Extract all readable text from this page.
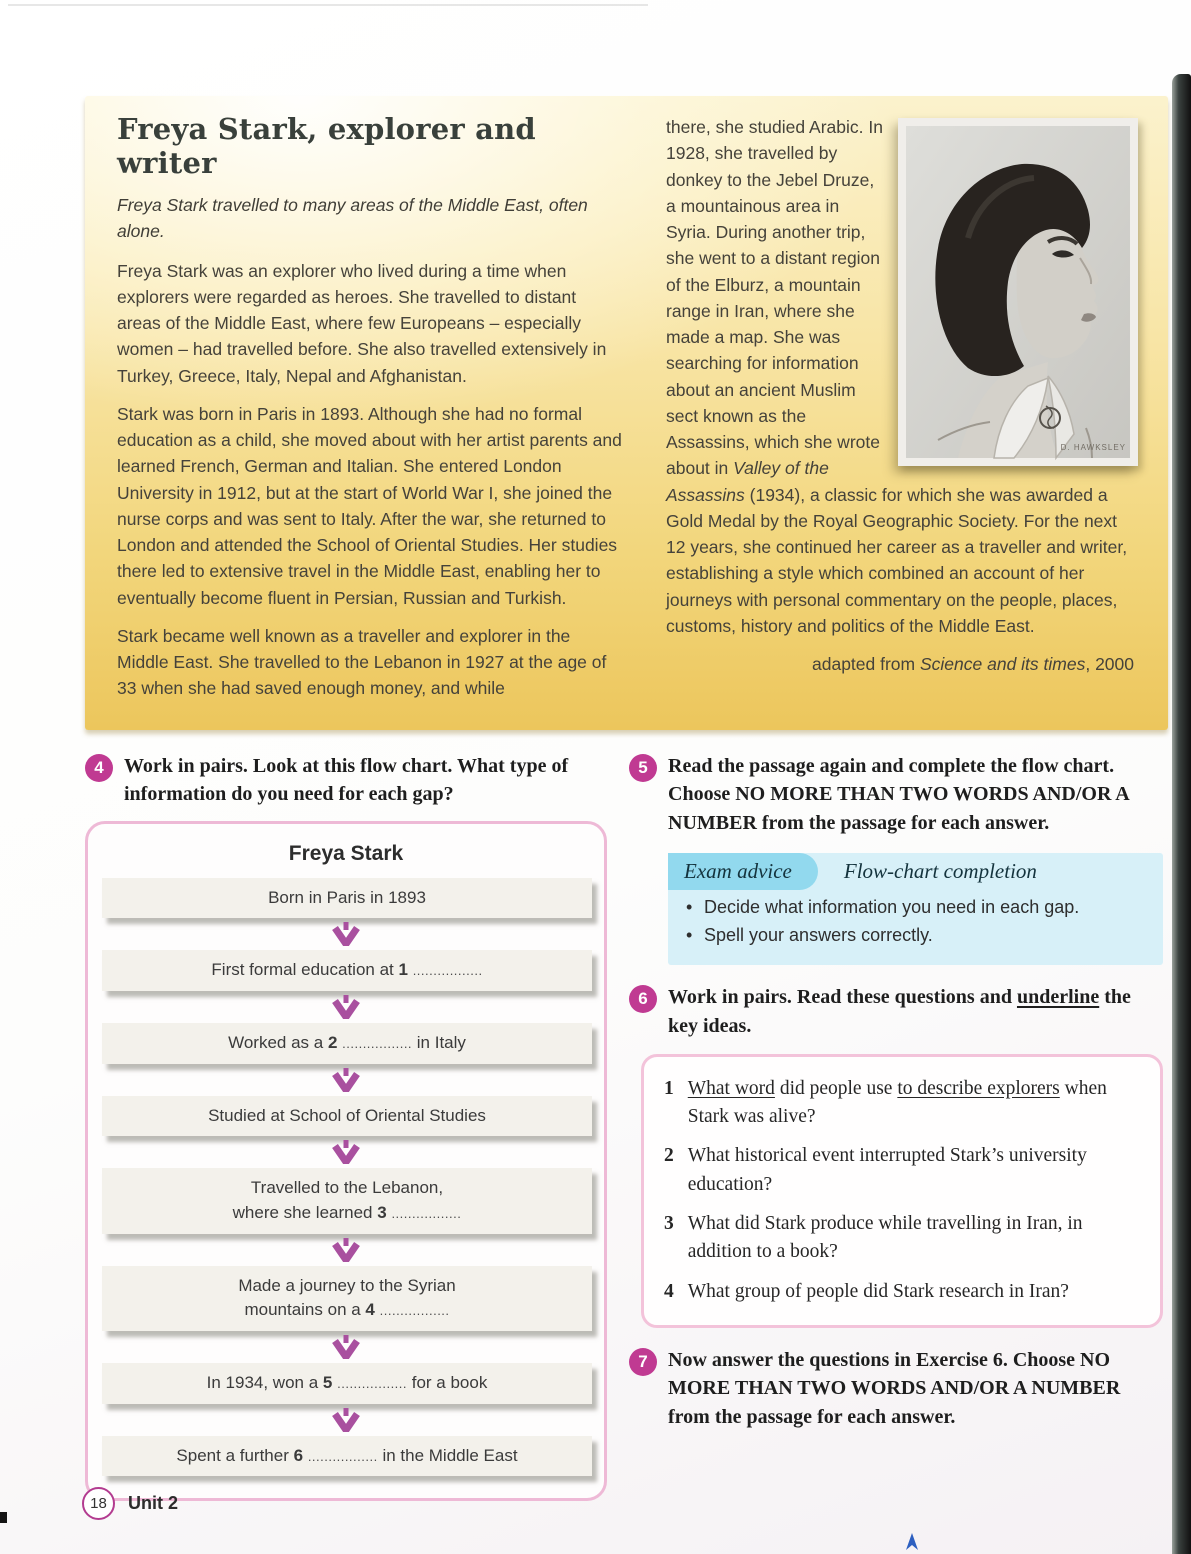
Freya Stark, explorer and writer

Freya Stark travelled to many areas of the Middle East, often alone.

Freya Stark was an explorer who lived during a time when explorers were regarded as heroes. She travelled to distant areas of the Middle East, where few Europeans – especially women – had travelled before. She also travelled extensively in Turkey, Greece, Italy, Nepal and Afghanistan.

Stark was born in Paris in 1893. Although she had no formal education as a child, she moved about with her artist parents and learned French, German and Italian. She entered London University in 1912, but at the start of World War I, she joined the nurse corps and was sent to Italy. After the war, she returned to London and attended the School of Oriental Studies. Her studies there led to extensive travel in the Middle East, enabling her to eventually become fluent in Persian, Russian and Turkish.

Stark became well known as a traveller and explorer in the Middle East. She travelled to the Lebanon in 1927 at the age of 33 when she had saved enough money, and while

D. HAWKSLEY

there, she studied Arabic. In 1928, she travelled by donkey to the Jebel Druze, a mountainous area in Syria. During another trip, she went to a distant region of the Elburz, a mountain range in Iran, where she made a map. She was searching for information about an ancient Muslim sect known as the Assassins, which she wrote about in Valley of the Assassins (1934), a classic for which she was awarded a Gold Medal by the Royal Geographic Society. For the next 12 years, she continued her career as a traveller and writer, establishing a style which combined an account of her journeys with personal commentary on the people, places, customs, history and politics of the Middle East.

adapted from Science and its times, 2000

4	Work in pairs. Look at this flow chart. What type of information do you need for each gap?

Freya Stark
Born in Paris in 1893
First formal education at 1 .................
Worked as a 2 ................. in Italy
Studied at School of Oriental Studies
Travelled to the Lebanon,
where she learned 3 .................
Made a journey to the Syrian
mountains on a 4 .................
In 1934, won a 5 ................. for a book
Spent a further 6 ................. in the Middle East
5	Read the passage again and complete the flow chart. Choose NO MORE THAN TWO WORDS AND/OR A NUMBER from the passage for each answer.

Exam advice	Flow-chart completion
• Decide what information you need in each gap.
• Spell your answers correctly.
6	Work in pairs. Read these questions and underline the key ideas.

1 What word did people use to describe explorers when Stark was alive?
2 What historical event interrupted Stark’s university education?
3 What did Stark produce while travelling in Iran, in addition to a book?
4 What group of people did Stark research in Iran?
7	Now answer the questions in Exercise 6. Choose NO MORE THAN TWO WORDS AND/OR A NUMBER from the passage for each answer.

18	Unit 2
